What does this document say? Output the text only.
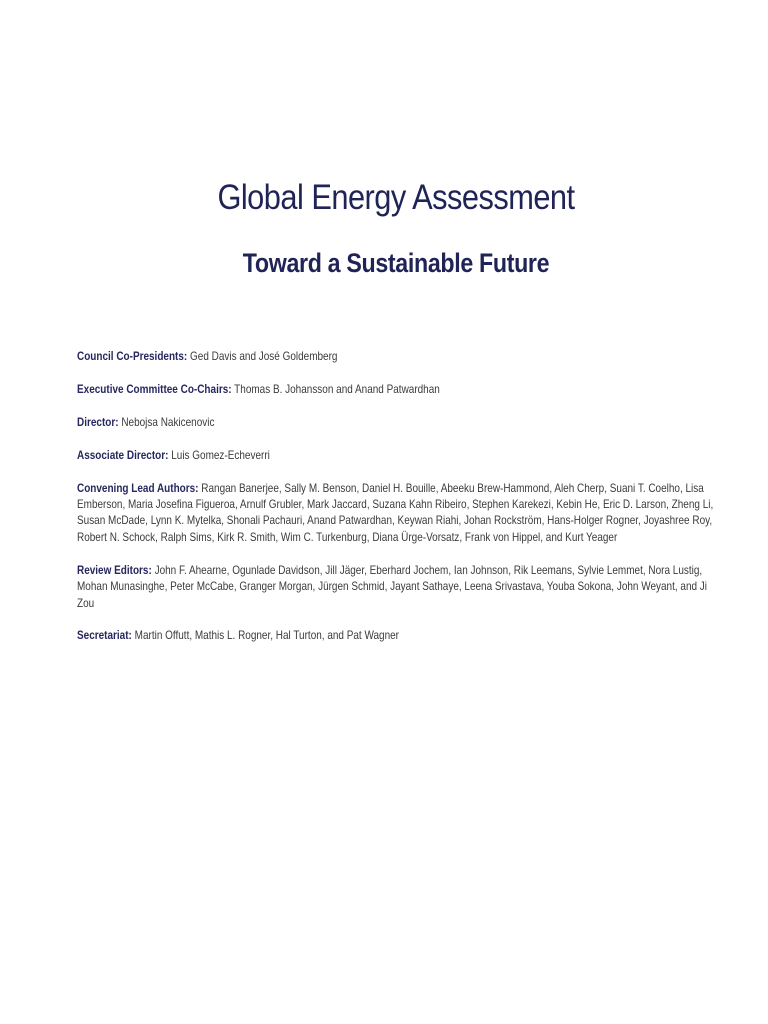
Global Energy Assessment
Toward a Sustainable Future

Council Co-Presidents: Ged Davis and José Goldemberg

Executive Committee Co-Chairs: Thomas B. Johansson and Anand Patwardhan

Director: Nebojsa Nakicenovic

Associate Director: Luis Gomez-Echeverri

Convening Lead Authors: Rangan Banerjee, Sally M. Benson, Daniel H. Bouille, Abeeku Brew-Hammond, Aleh Cherp, Suani T. Coelho, Lisa Emberson, Maria Josefina Figueroa, Arnulf Grubler, Mark Jaccard, Suzana Kahn Ribeiro, Stephen Karekezi, Kebin He, Eric D. Larson, Zheng Li, Susan McDade, Lynn K. Mytelka, Shonali Pachauri, Anand Patwardhan, Keywan Riahi, Johan Rockström, Hans-Holger Rogner, Joyashree Roy, Robert N. Schock, Ralph Sims, Kirk R. Smith, Wim C. Turkenburg, Diana Ürge-Vorsatz, Frank von Hippel, and Kurt Yeager

Review Editors: John F. Ahearne, Ogunlade Davidson, Jill Jäger, Eberhard Jochem, Ian Johnson, Rik Leemans, Sylvie Lemmet, Nora Lustig, Mohan Munasinghe, Peter McCabe, Granger Morgan, Jürgen Schmid, Jayant Sathaye, Leena Srivastava, Youba Sokona, John Weyant, and Ji Zou

Secretariat: Martin Offutt, Mathis L. Rogner, Hal Turton, and Pat Wagner
